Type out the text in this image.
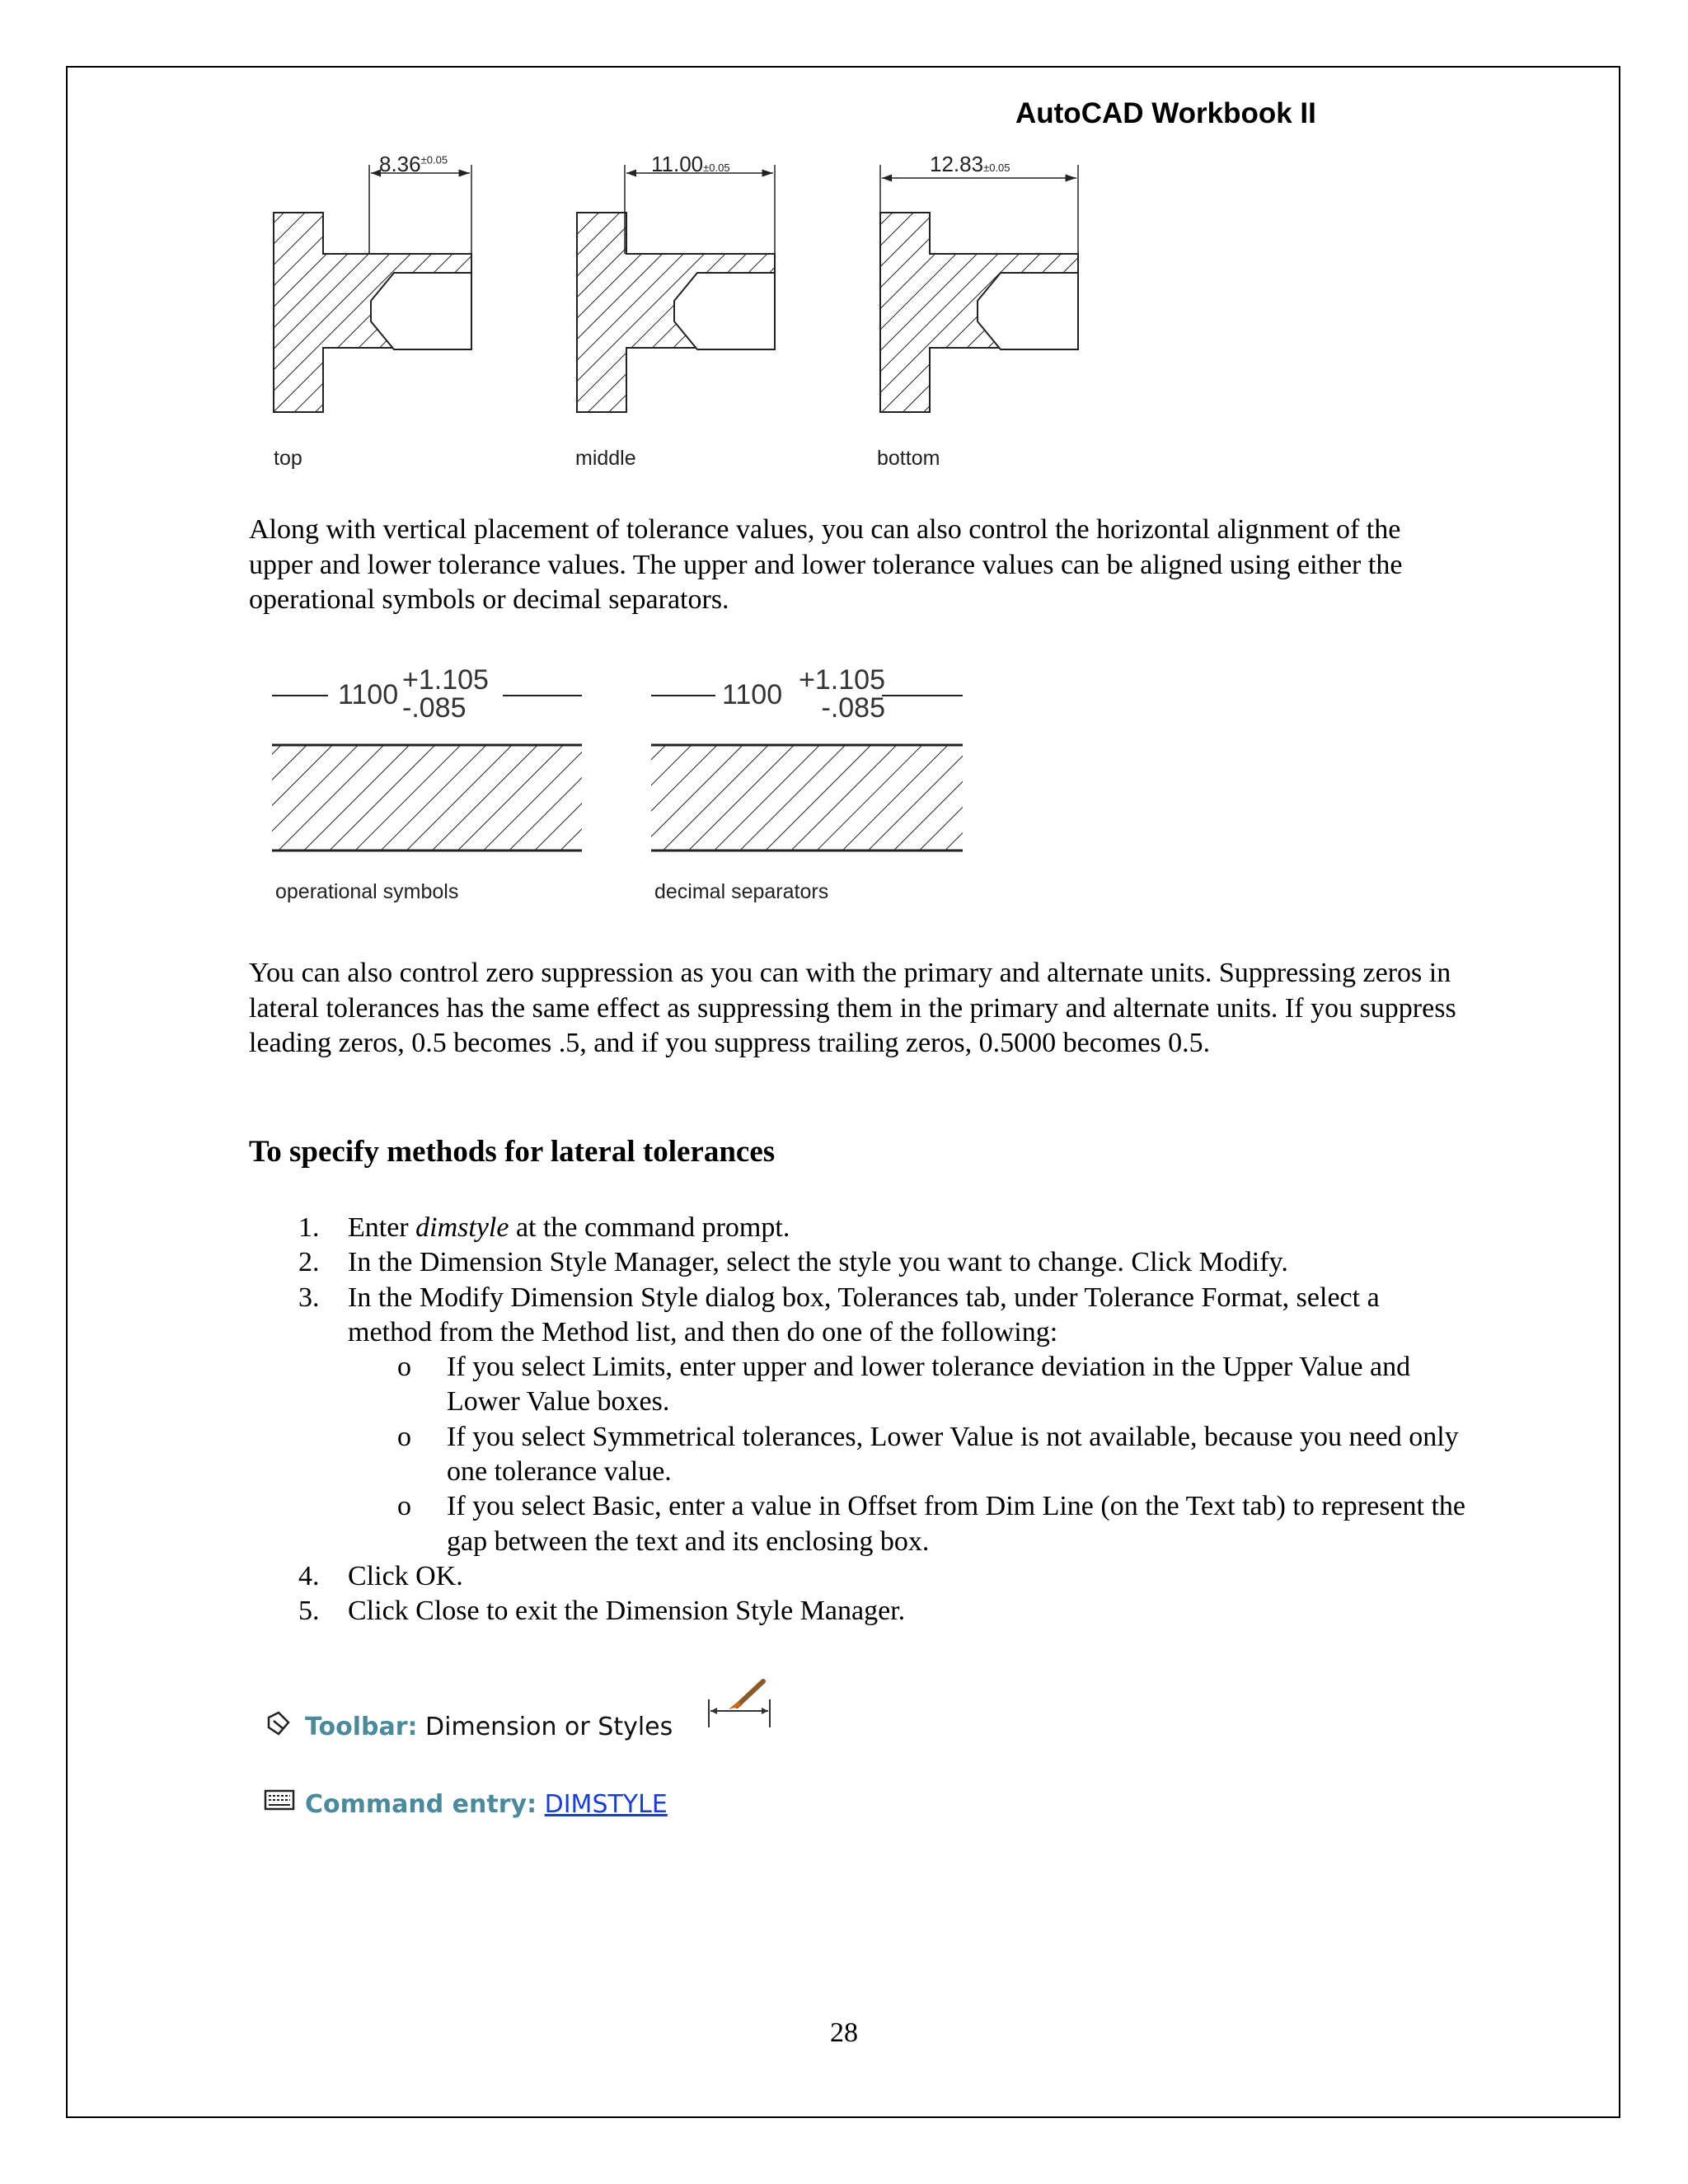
AutoCAD Workbook II
$8.36^{\pm 0.05}$	11.00±0.05	12.83±0.05
top	middle	bottom

Along with vertical placement of tolerance values, you can also control the horizontal alignment of the upper and lower tolerance values. The upper and lower tolerance values can be aligned using either the operational symbols or decimal separators.

1100 +1.105
-.085	1100 +1.105
-.085
operational symbols	decimal separators

You can also control zero suppression as you can with the primary and alternate units. Suppressing zeros in lateral tolerances has the same effect as suppressing them in the primary and alternate units. If you suppress leading zeros, 0.5 becomes .5, and if you suppress trailing zeros, 0.5000 becomes 0.5.

To specify methods for lateral tolerances
1. Enter dimstyle at the command prompt.
2. In the Dimension Style Manager, select the style you want to change. Click Modify.
3. In the Modify Dimension Style dialog box, Tolerances tab, under Tolerance Format, select a method from the Method list, and then do one of the following:
o If you select Limits, enter upper and lower tolerance deviation in the Upper Value and Lower Value boxes.
o If you select Symmetrical tolerances, Lower Value is not available, because you need only one tolerance value.
o If you select Basic, enter a value in Offset from Dim Line (on the Text tab) to represent the gap between the text and its enclosing box.
4. Click OK.
5. Click Close to exit the Dimension Style Manager.
Toolbar: Dimension or Styles
Command entry: DIMSTYLE
28
